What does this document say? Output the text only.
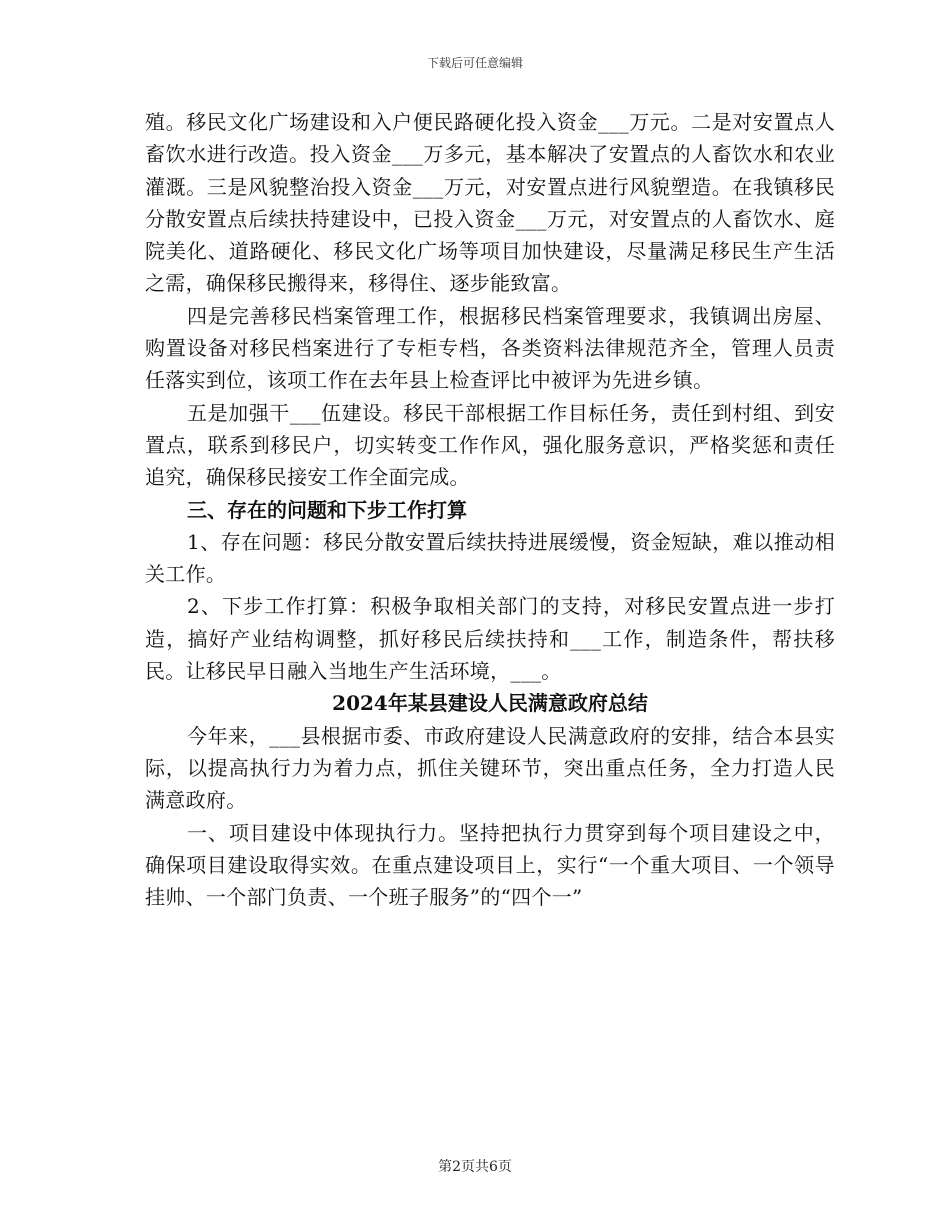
下载后可任意编辑

殖。移民文化广场建设和入户便民路硬化投入资金___万元。二是对安置点人畜饮水进行改造。投入资金___万多元，基本解决了安置点的人畜饮水和农业灌溉。三是风貌整治投入资金___万元，对安置点进行风貌塑造。在我镇移民分散安置点后续扶持建设中，已投入资金___万元，对安置点的人畜饮水、庭院美化、道路硬化、移民文化广场等项目加快建设，尽量满足移民生产生活之需，确保移民搬得来，移得住、逐步能致富。

四是完善移民档案管理工作，根据移民档案管理要求，我镇调出房屋、购置设备对移民档案进行了专柜专档，各类资料法律规范齐全，管理人员责任落实到位，该项工作在去年县上检查评比中被评为先进乡镇。

五是加强干___伍建设。移民干部根据工作目标任务，责任到村组、到安置点，联系到移民户，切实转变工作作风，强化服务意识，严格奖惩和责任追究，确保移民接安工作全面完成。

三、存在的问题和下步工作打算

1、存在问题：移民分散安置后续扶持进展缓慢，资金短缺，难以推动相关工作。

2、下步工作打算：积极争取相关部门的支持，对移民安置点进一步打造，搞好产业结构调整，抓好移民后续扶持和___工作，制造条件，帮扶移民。让移民早日融入当地生产生活环境，___。

2024年某县建设人民满意政府总结

今年来，___县根据市委、市政府建设人民满意政府的安排，结合本县实际，以提高执行力为着力点，抓住关键环节，突出重点任务，全力打造人民满意政府。

一、项目建设中体现执行力。坚持把执行力贯穿到每个项目建设之中，确保项目建设取得实效。在重点建设项目上，实行“一个重大项目、一个领导挂帅、一个部门负责、一个班子服务”的“四个一”

第2页共6页
